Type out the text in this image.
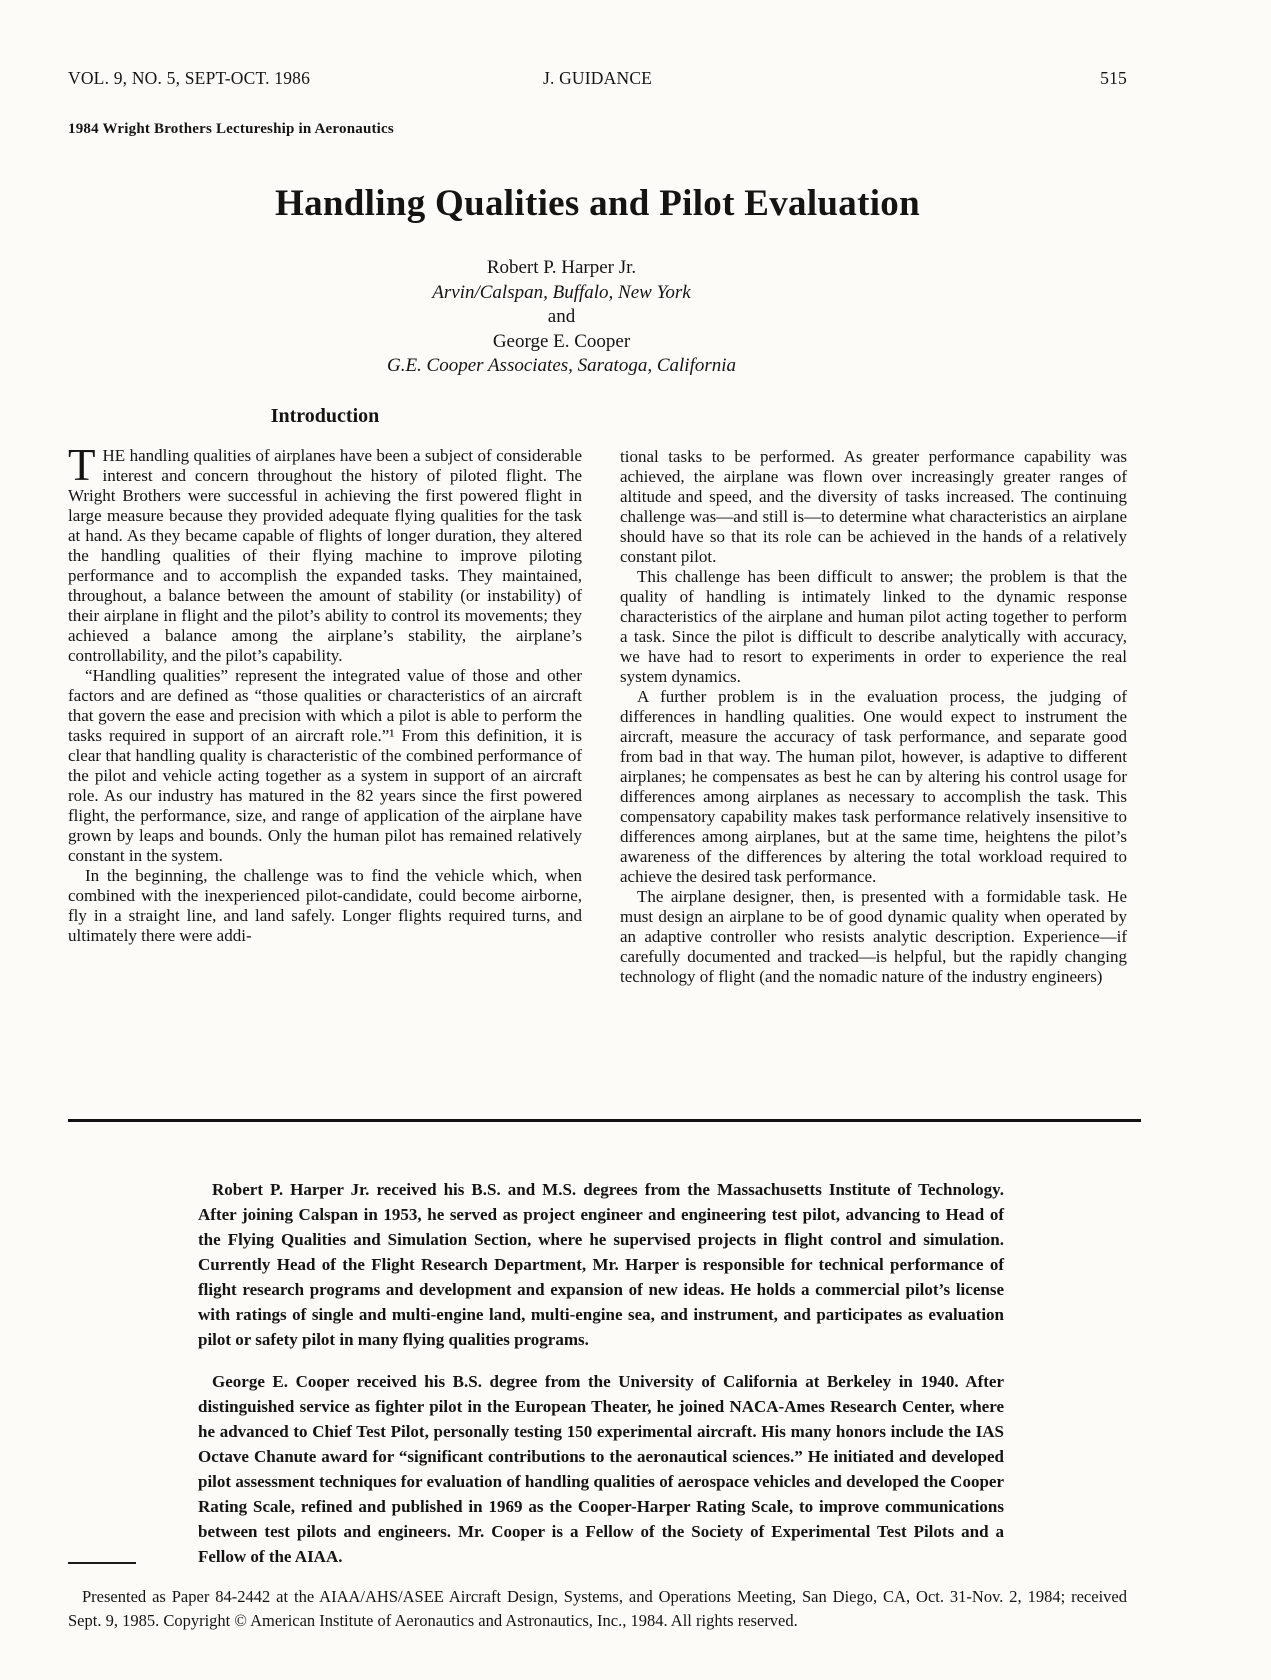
VOL. 9, NO. 5, SEPT-OCT. 1986	J. GUIDANCE	515
1984 Wright Brothers Lectureship in Aeronautics
Handling Qualities and Pilot Evaluation
Robert P. Harper Jr.
Arvin/Calspan, Buffalo, New York
and
George E. Cooper
G.E. Cooper Associates, Saratoga, California
Introduction

THE handling qualities of airplanes have been a subject of considerable interest and concern throughout the history of piloted flight. The Wright Brothers were successful in achieving the first powered flight in large measure because they provided adequate flying qualities for the task at hand. As they became capable of flights of longer duration, they altered the handling qualities of their flying machine to improve piloting performance and to accomplish the expanded tasks. They maintained, throughout, a balance between the amount of stability (or instability) of their airplane in flight and the pilot’s ability to control its movements; they achieved a balance among the airplane’s stability, the airplane’s controllability, and the pilot’s capability.

“Handling qualities” represent the integrated value of those and other factors and are defined as “those qualities or characteristics of an aircraft that govern the ease and precision with which a pilot is able to perform the tasks required in support of an aircraft role.”¹ From this definition, it is clear that handling quality is characteristic of the combined performance of the pilot and vehicle acting together as a system in support of an aircraft role. As our industry has matured in the 82 years since the first powered flight, the performance, size, and range of application of the airplane have grown by leaps and bounds. Only the human pilot has remained relatively constant in the system.

In the beginning, the challenge was to find the vehicle which, when combined with the inexperienced pilot-candidate, could become airborne, fly in a straight line, and land safely. Longer flights required turns, and ultimately there were addi-

tional tasks to be performed. As greater performance capability was achieved, the airplane was flown over increasingly greater ranges of altitude and speed, and the diversity of tasks increased. The continuing challenge was—and still is—to determine what characteristics an airplane should have so that its role can be achieved in the hands of a relatively constant pilot.

This challenge has been difficult to answer; the problem is that the quality of handling is intimately linked to the dynamic response characteristics of the airplane and human pilot acting together to perform a task. Since the pilot is difficult to describe analytically with accuracy, we have had to resort to experiments in order to experience the real system dynamics.

A further problem is in the evaluation process, the judging of differences in handling qualities. One would expect to instrument the aircraft, measure the accuracy of task performance, and separate good from bad in that way. The human pilot, however, is adaptive to different airplanes; he compensates as best he can by altering his control usage for differences among airplanes as necessary to accomplish the task. This compensatory capability makes task performance relatively insensitive to differences among airplanes, but at the same time, heightens the pilot’s awareness of the differences by altering the total workload required to achieve the desired task performance.

The airplane designer, then, is presented with a formidable task. He must design an airplane to be of good dynamic quality when operated by an adaptive controller who resists analytic description. Experience—if carefully documented and tracked—is helpful, but the rapidly changing technology of flight (and the nomadic nature of the industry engineers)

Robert P. Harper Jr. received his B.S. and M.S. degrees from the Massachusetts Institute of Technology. After joining Calspan in 1953, he served as project engineer and engineering test pilot, advancing to Head of the Flying Qualities and Simulation Section, where he supervised projects in flight control and simulation. Currently Head of the Flight Research Department, Mr. Harper is responsible for technical performance of flight research programs and development and expansion of new ideas. He holds a commercial pilot’s license with ratings of single and multi-engine land, multi-engine sea, and instrument, and participates as evaluation pilot or safety pilot in many flying qualities programs.

George E. Cooper received his B.S. degree from the University of California at Berkeley in 1940. After distinguished service as fighter pilot in the European Theater, he joined NACA-Ames Research Center, where he advanced to Chief Test Pilot, personally testing 150 experimental aircraft. His many honors include the IAS Octave Chanute award for “significant contributions to the aeronautical sciences.” He initiated and developed pilot assessment techniques for evaluation of handling qualities of aerospace vehicles and developed the Cooper Rating Scale, refined and published in 1969 as the Cooper-Harper Rating Scale, to improve communications between test pilots and engineers. Mr. Cooper is a Fellow of the Society of Experimental Test Pilots and a Fellow of the AIAA.

Presented as Paper 84-2442 at the AIAA/AHS/ASEE Aircraft Design, Systems, and Operations Meeting, San Diego, CA, Oct. 31-Nov. 2, 1984; received Sept. 9, 1985. Copyright © American Institute of Aeronautics and Astronautics, Inc., 1984. All rights reserved.
